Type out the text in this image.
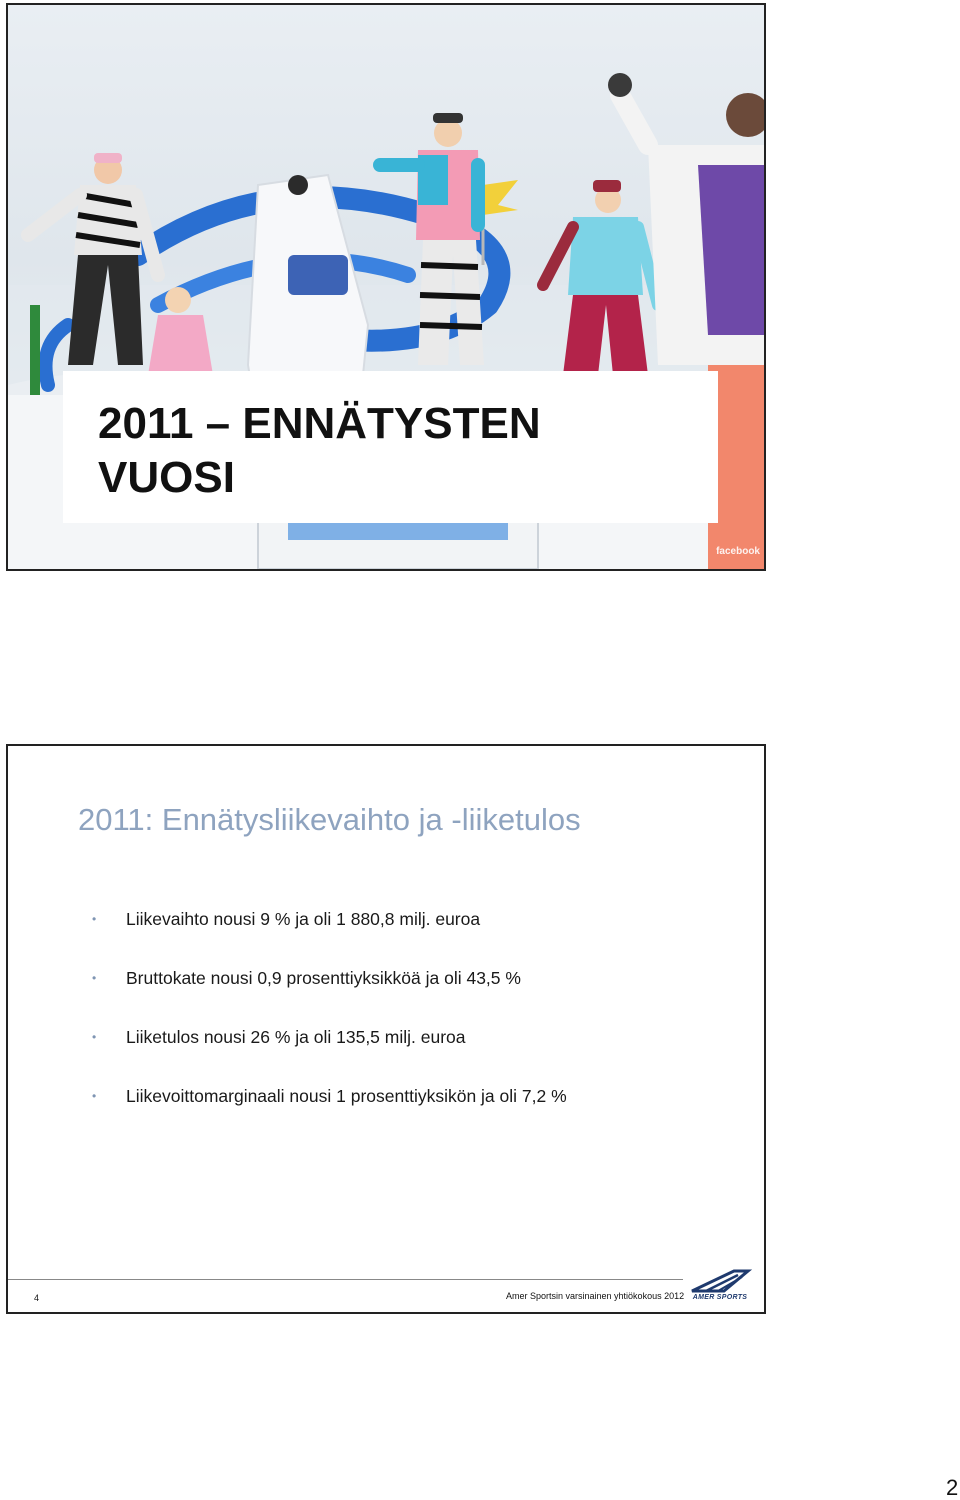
2011 – ENNÄTYSTEN
VUOSI
facebook
2011: Ennätysliikevaihto ja -liiketulos
• Liikevaihto nousi 9 % ja oli 1 880,8 milj. euroa
• Bruttokate nousi 0,9 prosenttiyksikköä ja oli 43,5 %
• Liiketulos nousi 26 % ja oli 135,5 milj. euroa
• Liikevoittomarginaali nousi 1 prosenttiyksikön ja oli 7,2 %
4	Amer Sportsin varsinainen yhtiökokous 2012	AMER SPORTS
2
